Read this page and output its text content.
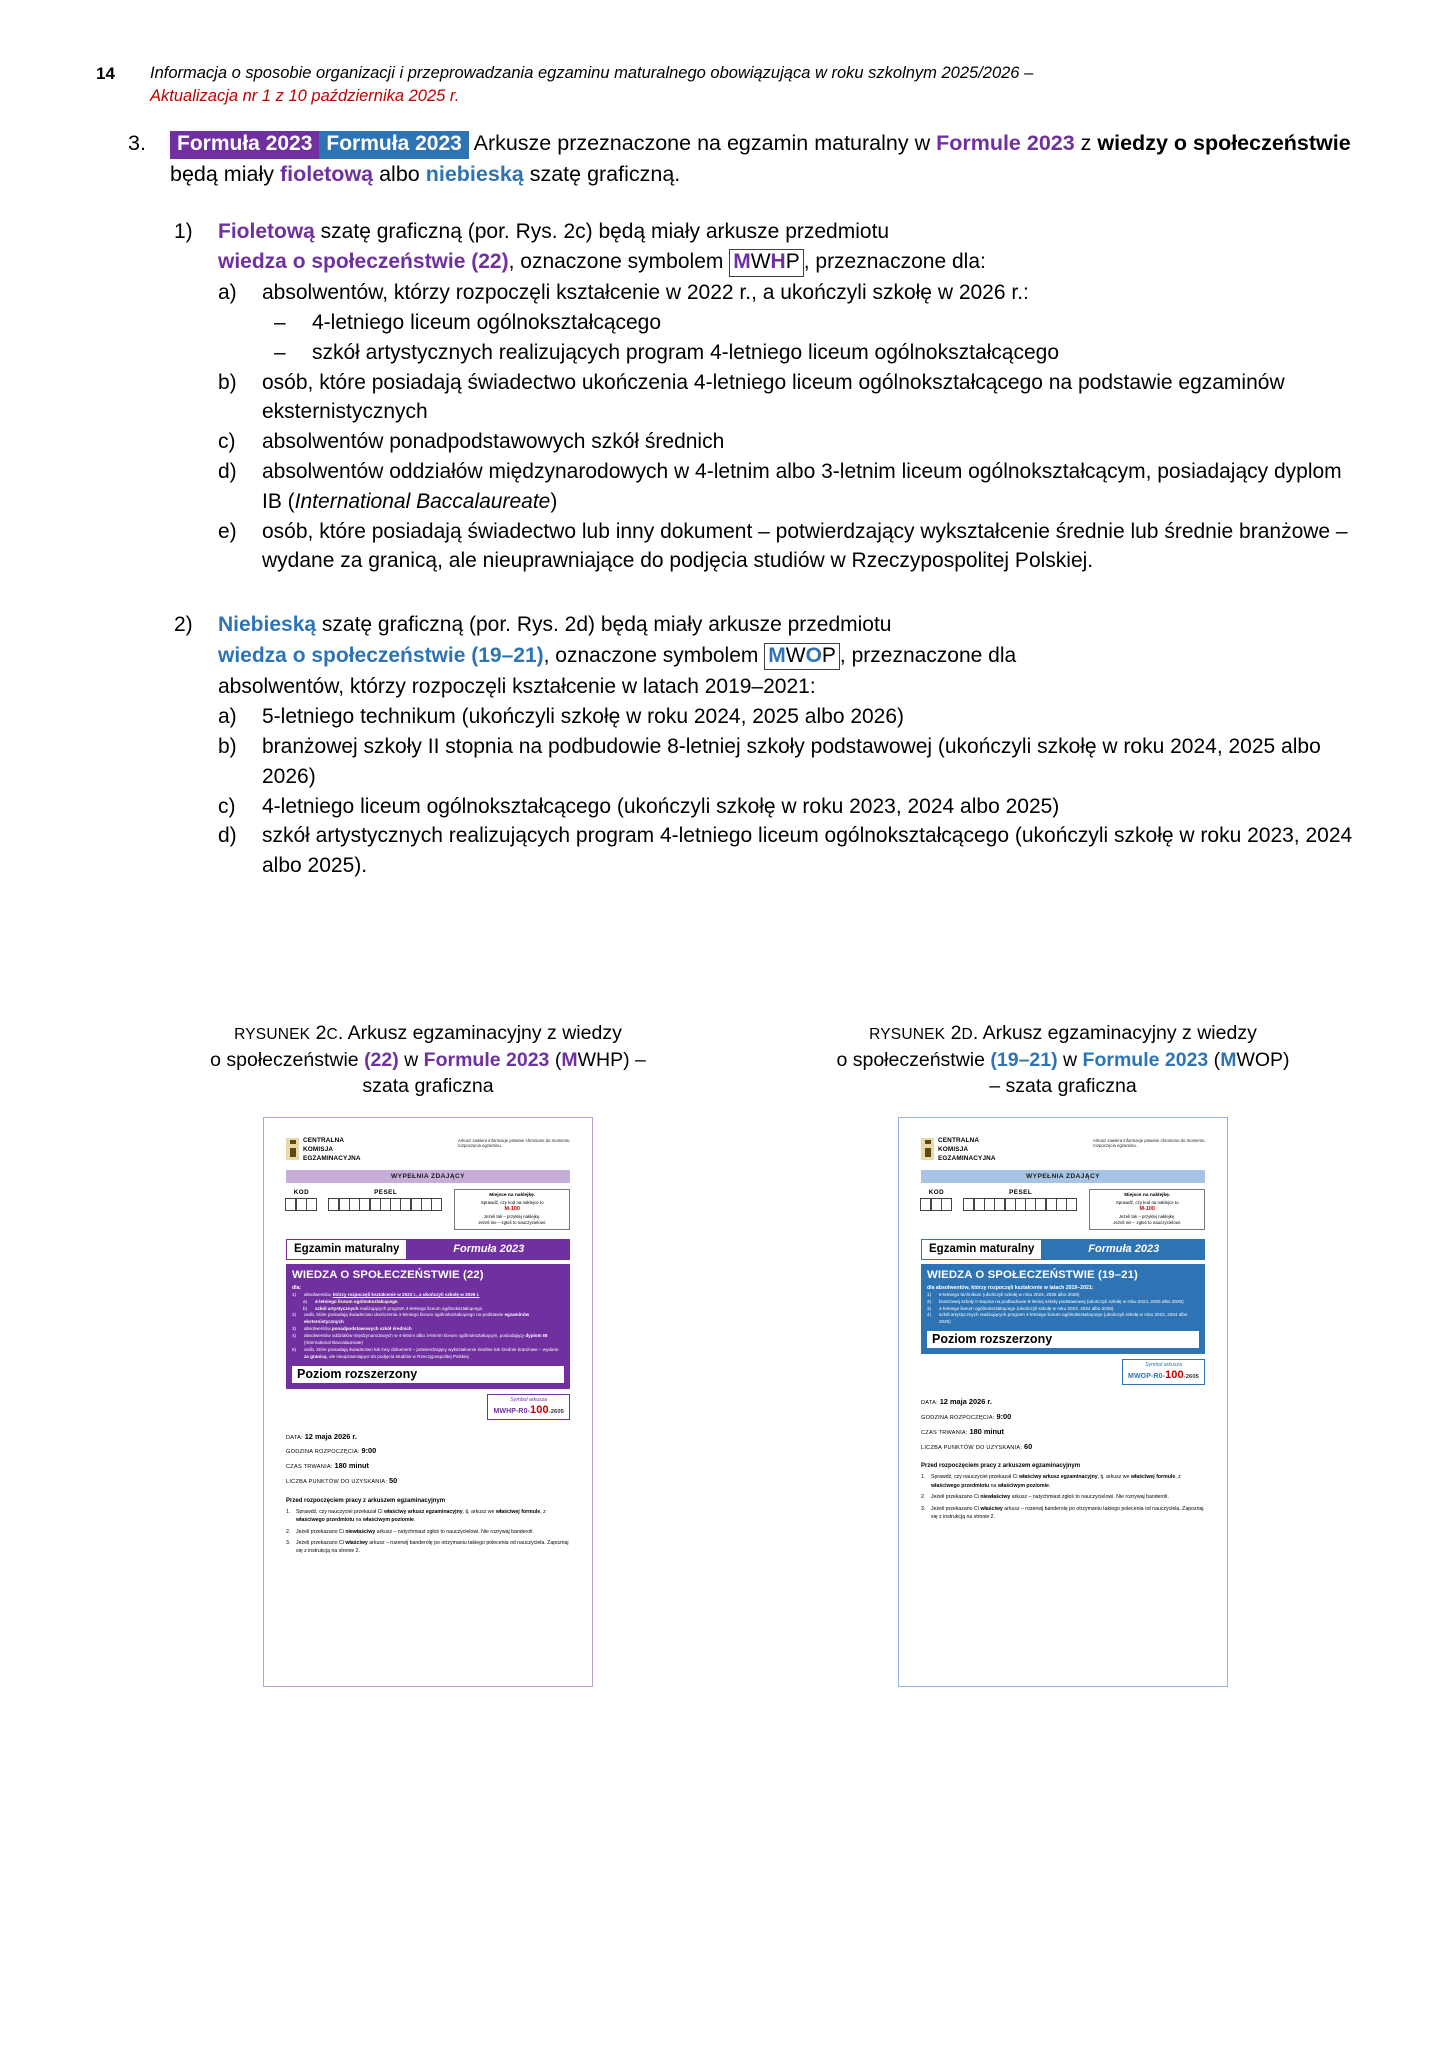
14	Informacja o sposobie organizacji i przeprowadzania egzaminu maturalnego obowiązująca w roku szkolnym 2025/2026 –
Aktualizacja nr 1 z 10 października 2025 r.
3.	Formuła 2023 Formuła 2023 Arkusze przeznaczone na egzamin maturalny w Formule 2023 z wiedzy o społeczeństwie będą miały fioletową albo niebieską szatę graficzną.
1)	Fioletową szatę graficzną (por. Rys. 2c) będą miały arkusze przedmiotu
wiedza o społeczeństwie (22), oznaczone symbolem MWHP , przeznaczone dla:
a)	absolwentów, którzy rozpoczęli kształcenie w 2022 r., a ukończyli szkołę w 2026 r.:
–	4-letniego liceum ogólnokształcącego
–	szkół artystycznych realizujących program 4-letniego liceum ogólnokształcącego
b)	osób, które posiadają świadectwo ukończenia 4-letniego liceum ogólnokształcącego na podstawie egzaminów eksternistycznych
c)	absolwentów ponadpodstawowych szkół średnich
d)	absolwentów oddziałów międzynarodowych w 4-letnim albo 3-letnim liceum ogólnokształcącym, posiadający dyplom IB (International Baccalaureate)
e)	osób, które posiadają świadectwo lub inny dokument – potwierdzający wykształcenie średnie lub średnie branżowe – wydane za granicą, ale nieuprawniające do podjęcia studiów w Rzeczypospolitej Polskiej.
2)	Niebieską szatę graficzną (por. Rys. 2d) będą miały arkusze przedmiotu
wiedza o społeczeństwie (19–21), oznaczone symbolem MWOP , przeznaczone dla
absolwentów, którzy rozpoczęli kształcenie w latach 2019–2021:
a)	5-letniego technikum (ukończyli szkołę w roku 2024, 2025 albo 2026)
b)	branżowej szkoły II stopnia na podbudowie 8-letniej szkoły podstawowej (ukończyli szkołę w roku 2024, 2025 albo 2026)
c)	4-letniego liceum ogólnokształcącego (ukończyli szkołę w roku 2023, 2024 albo 2025)
d)	szkół artystycznych realizujących program 4-letniego liceum ogólnokształcącego (ukończyli szkołę w roku 2023, 2024 albo 2025).
RYSUNEK 2C. Arkusz egzaminacyjny z wiedzy
o społeczeństwie (22) w Formule 2023 (MWHP) –
szata graficzna
CENTRALNA
KOMISJA
EGZAMINACYJNA
Arkusz zawiera informacje prawnie chronione do momentu rozpoczęcia egzaminu.
WYPEŁNIA ZDAJĄCY
KOD	PESEL	Miejsce na naklejkę.
Sprawdź, czy kod na naklejce to
M-100
Jeżeli tak – przyklej naklejkę.
Jeżeli nie – zgłoś to nauczycielowi.
Egzamin maturalny	Formuła 2023
WIEDZA O SPOŁECZEŃSTWIE (22)
dla:
1)	absolwentów, którzy rozpoczęli kształcenie w 2022 r., a ukończyli szkołę w 2026 r.
a)	4-letniego liceum ogólnokształcącego
b)	szkół artystycznych realizujących program 4-letniego liceum ogólnokształcącego
2)	osób, które posiadają świadectwo ukończenia 4-letniego liceum ogólnokształcącego na podstawie egzaminów eksternistycznych
3)	absolwentów ponadpodstawowych szkół średnich
4)	absolwentów oddziałów międzynarodowych w 4-letnim albo 3-letnim liceum ogólnokształcącym, posiadający dyplom IB (International Baccalaureate)
5)	osób, które posiadają świadectwo lub inny dokument – potwierdzający wykształcenie średnie lub średnie branżowe – wydane za granicą, ale nieuprawniające do podjęcia studiów w Rzeczypospolitej Polskiej
Poziom rozszerzony
Symbol arkusza
MWHP-R0-100-2605
DATA: 12 maja 2026 r.
GODZINA ROZPOCZĘCIA: 9:00
CZAS TRWANIA: 180 minut
LICZBA PUNKTÓW DO UZYSKANIA: 50
Przed rozpoczęciem pracy z arkuszem egzaminacyjnym
1.	Sprawdź, czy nauczyciel przekazał Ci właściwy arkusz egzaminacyjny, tj. arkusz we właściwej formule, z właściwego przedmiotu na właściwym poziomie.
2.	Jeżeli przekazano Ci niewłaściwy arkusz – natychmiast zgłoś to nauczycielowi. Nie rozrywaj banderoli.
3.	Jeżeli przekazano Ci właściwy arkusz – rozerwij banderolę po otrzymaniu takiego polecenia od nauczyciela. Zapoznaj się z instrukcją na stronie 2.
RYSUNEK 2D. Arkusz egzaminacyjny z wiedzy
o społeczeństwie (19–21) w Formule 2023 (MWOP)
– szata graficzna
CENTRALNA
KOMISJA
EGZAMINACYJNA
Arkusz zawiera informacje prawnie chronione do momentu rozpoczęcia egzaminu.
WYPEŁNIA ZDAJĄCY
KOD	PESEL	Miejsce na naklejkę.
Sprawdź, czy kod na naklejce to
M-100
Jeżeli tak – przyklej naklejkę.
Jeżeli nie – zgłoś to nauczycielowi.
Egzamin maturalny	Formuła 2023
WIEDZA O SPOŁECZEŃSTWIE (19–21)
dla absolwentów, którzy rozpoczęli kształcenie w latach 2019–2021:
1)	5-letniego technikum (ukończyli szkołę w roku 2024, 2025 albo 2026)
2)	branżowej szkoły II stopnia na podbudowie 8-letniej szkoły podstawowej (ukończyli szkołę w roku 2024, 2025 albo 2026)
3)	4-letniego liceum ogólnokształcącego (ukończyli szkołę w roku 2023, 2024 albo 2025)
4)	szkół artystycznych realizujących program 4-letniego liceum ogólnokształcącego (ukończyli szkołę w roku 2023, 2024 albo 2025)
Poziom rozszerzony
Symbol arkusza
MWOP-R0-100-2605
DATA: 12 maja 2026 r.
GODZINA ROZPOCZĘCIA: 9:00
CZAS TRWANIA: 180 minut
LICZBA PUNKTÓW DO UZYSKANIA: 60
Przed rozpoczęciem pracy z arkuszem egzaminacyjnym
1.	Sprawdź, czy nauczyciel przekazał Ci właściwy arkusz egzaminacyjny, tj. arkusz we właściwej formule, z właściwego przedmiotu na właściwym poziomie.
2.	Jeżeli przekazano Ci niewłaściwy arkusz – natychmiast zgłoś to nauczycielowi. Nie rozrywaj banderoli.
3.	Jeżeli przekazano Ci właściwy arkusz – rozerwij banderolę po otrzymaniu takiego polecenia od nauczyciela. Zapoznaj się z instrukcją na stronie 2.
